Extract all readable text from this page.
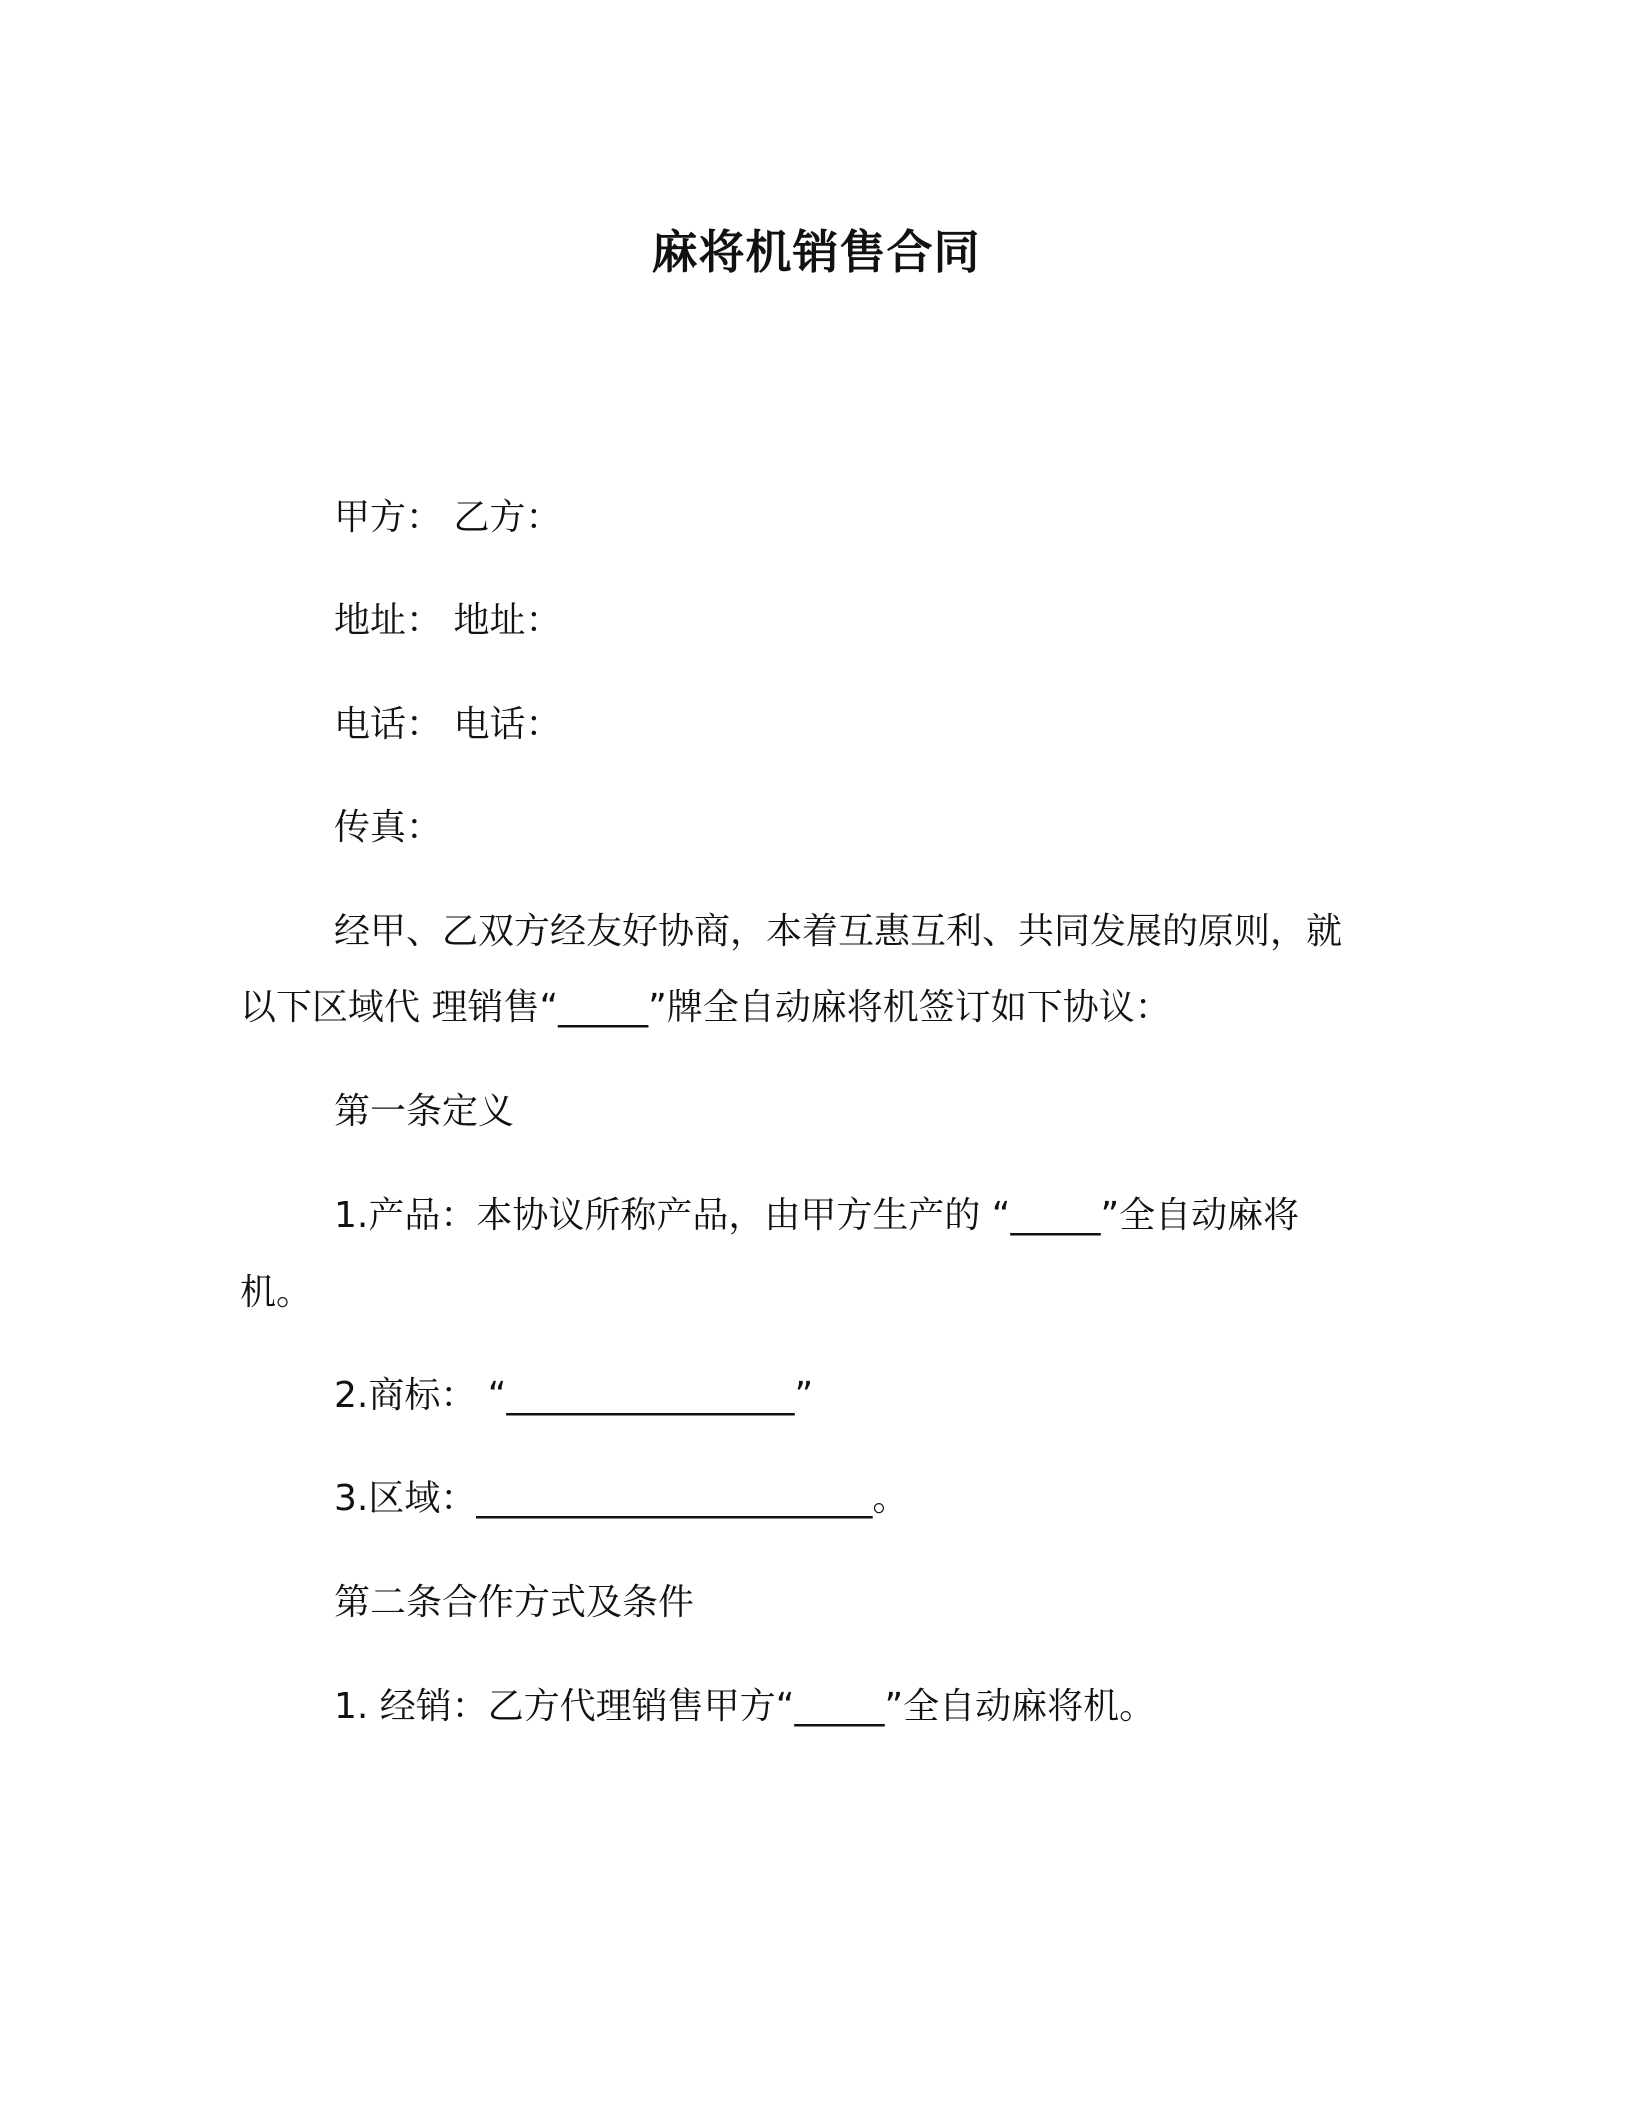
麻将机销售合同
甲方： 乙方：
地址： 地址：
电话： 电话：
传真：
经甲、乙双方经友好协商，本着互惠互利、共同发展的原则，就
以下区域代 理销售“_____”牌全自动麻将机签订如下协议：
第一条定义
1.产品：本协议所称产品，由甲方生产的 “_____”全自动麻将
机。
2.商标： “________________”
3.区域：______________________。
第二条合作方式及条件
1. 经销：乙方代理销售甲方“_____”全自动麻将机。
